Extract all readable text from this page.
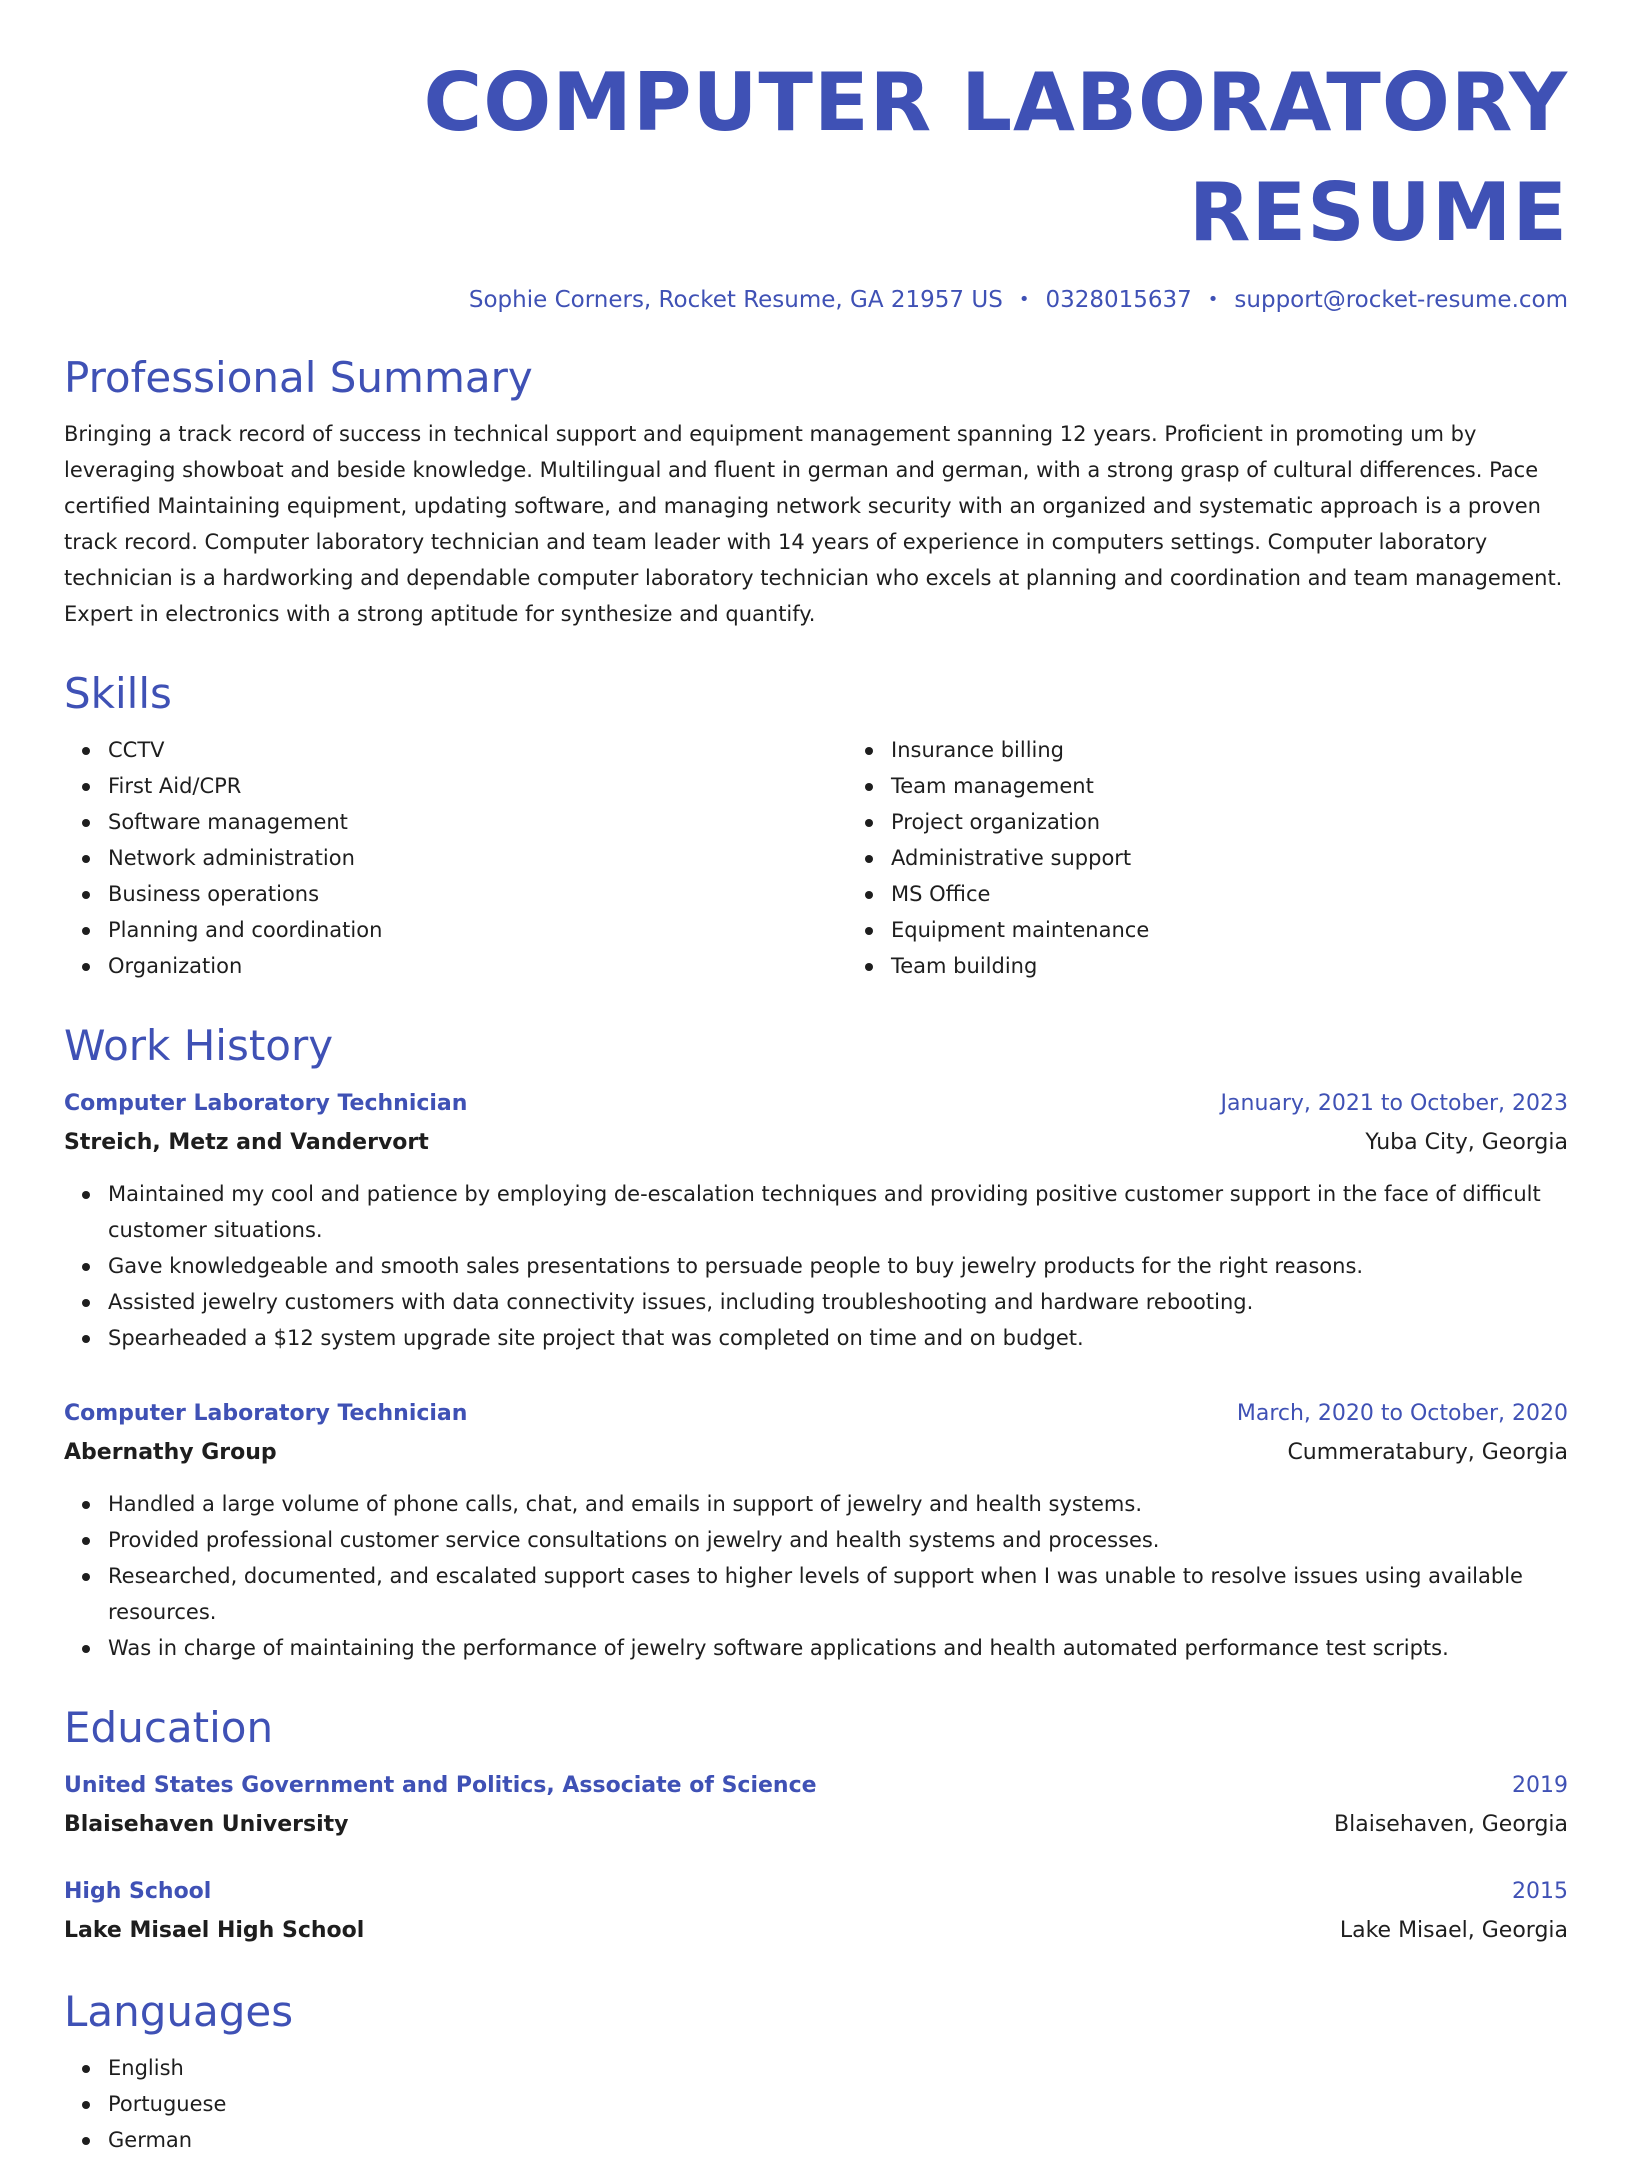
COMPUTER LABORATORY RESUME
Sophie Corners, Rocket Resume, GA 21957 US • 0328015637 • support@rocket-resume.com
Professional Summary

Bringing a track record of success in technical support and equipment management spanning 12 years. Proficient in promoting um by leveraging showboat and beside knowledge. Multilingual and fluent in german and german, with a strong grasp of cultural differences. Pace certified Maintaining equipment, updating software, and managing network security with an organized and systematic approach is a proven track record. Computer laboratory technician and team leader with 14 years of experience in computers settings. Computer laboratory technician is a hardworking and dependable computer laboratory technician who excels at planning and coordination and team management. Expert in electronics with a strong aptitude for synthesize and quantify.

Skills
CCTV
First Aid/CPR
Software management
Network administration
Business operations
Planning and coordination
Organization
Insurance billing
Team management
Project organization
Administrative support
MS Office
Equipment maintenance
Team building
Work History
Computer Laboratory Technician	January, 2021 to October, 2023
Streich, Metz and Vandervort	Yuba City, Georgia
Maintained my cool and patience by employing de-escalation techniques and providing positive customer support in the face of difficult customer situations.
Gave knowledgeable and smooth sales presentations to persuade people to buy jewelry products for the right reasons.
Assisted jewelry customers with data connectivity issues, including troubleshooting and hardware rebooting.
Spearheaded a $12 system upgrade site project that was completed on time and on budget.
Computer Laboratory Technician	March, 2020 to October, 2020
Abernathy Group	Cummeratabury, Georgia
Handled a large volume of phone calls, chat, and emails in support of jewelry and health systems.
Provided professional customer service consultations on jewelry and health systems and processes.
Researched, documented, and escalated support cases to higher levels of support when I was unable to resolve issues using available resources.
Was in charge of maintaining the performance of jewelry software applications and health automated performance test scripts.
Education
United States Government and Politics, Associate of Science	2019
Blaisehaven University	Blaisehaven, Georgia
High School	2015
Lake Misael High School	Lake Misael, Georgia
Languages
English
Portuguese
German
